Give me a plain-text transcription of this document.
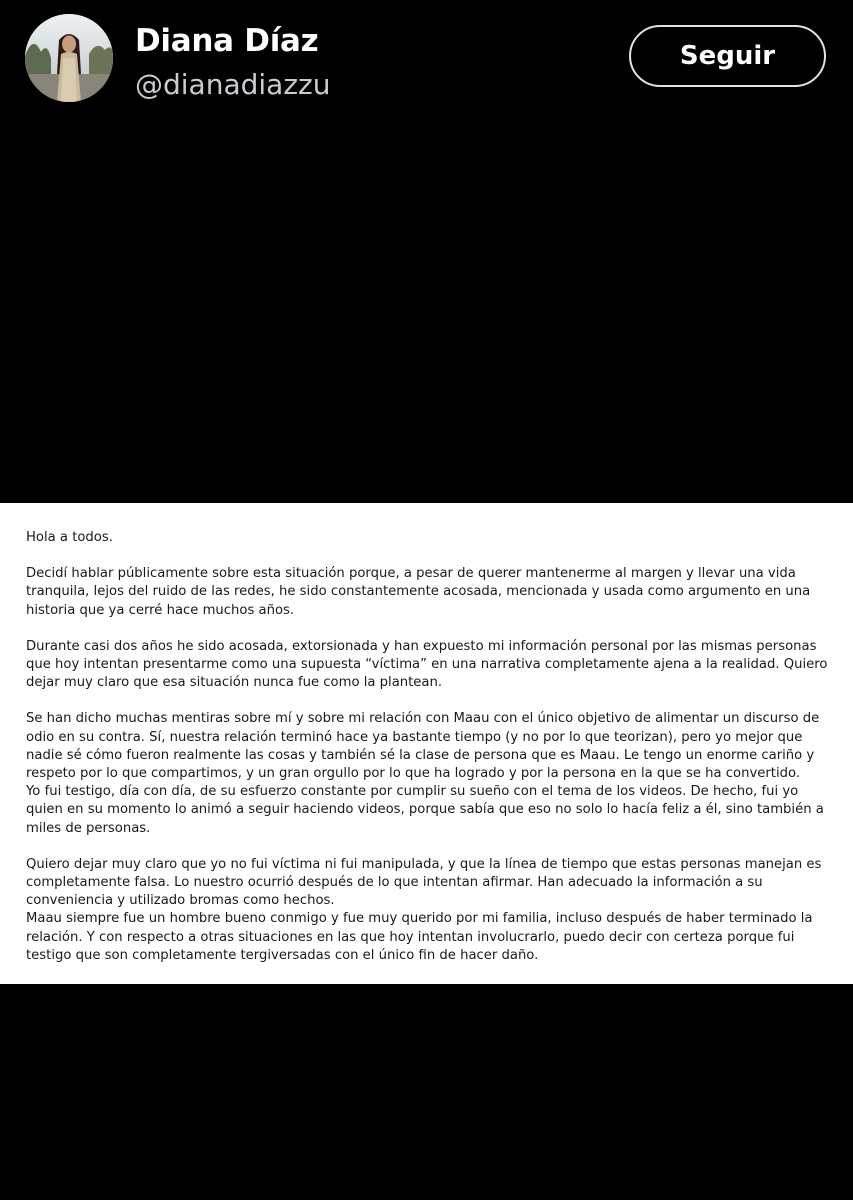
Diana Díaz
@dianadiazzu
Seguir

Hola a todos.

Decidí hablar públicamente sobre esta situación porque, a pesar de querer mantenerme al margen y llevar una vida tranquila, lejos del ruido de las redes, he sido constantemente acosada, mencionada y usada como argumento en una historia que ya cerré hace muchos años.

Durante casi dos años he sido acosada, extorsionada y han expuesto mi información personal por las mismas personas que hoy intentan presentarme como una supuesta “víctima” en una narrativa completamente ajena a la realidad. Quiero dejar muy claro que esa situación nunca fue como la plantean.

Se han dicho muchas mentiras sobre mí y sobre mi relación con Maau con el único objetivo de alimentar un discurso de odio en su contra. Sí, nuestra relación terminó hace ya bastante tiempo (y no por lo que teorizan), pero yo mejor que nadie sé cómo fueron realmente las cosas y también sé la clase de persona que es Maau. Le tengo un enorme cariño y respeto por lo que compartimos, y un gran orgullo por lo que ha logrado y por la persona en la que se ha convertido.
Yo fui testigo, día con día, de su esfuerzo constante por cumplir su sueño con el tema de los videos. De hecho, fui yo quien en su momento lo animó a seguir haciendo videos, porque sabía que eso no solo lo hacía feliz a él, sino también a miles de personas.

Quiero dejar muy claro que yo no fui víctima ni fui manipulada, y que la línea de tiempo que estas personas manejan es completamente falsa. Lo nuestro ocurrió después de lo que intentan afirmar. Han adecuado la información a su conveniencia y utilizado bromas como hechos.
Maau siempre fue un hombre bueno conmigo y fue muy querido por mi familia, incluso después de haber terminado la relación. Y con respecto a otras situaciones en las que hoy intentan involucrarlo, puedo decir con certeza porque fui testigo que son completamente tergiversadas con el único fin de hacer daño.
